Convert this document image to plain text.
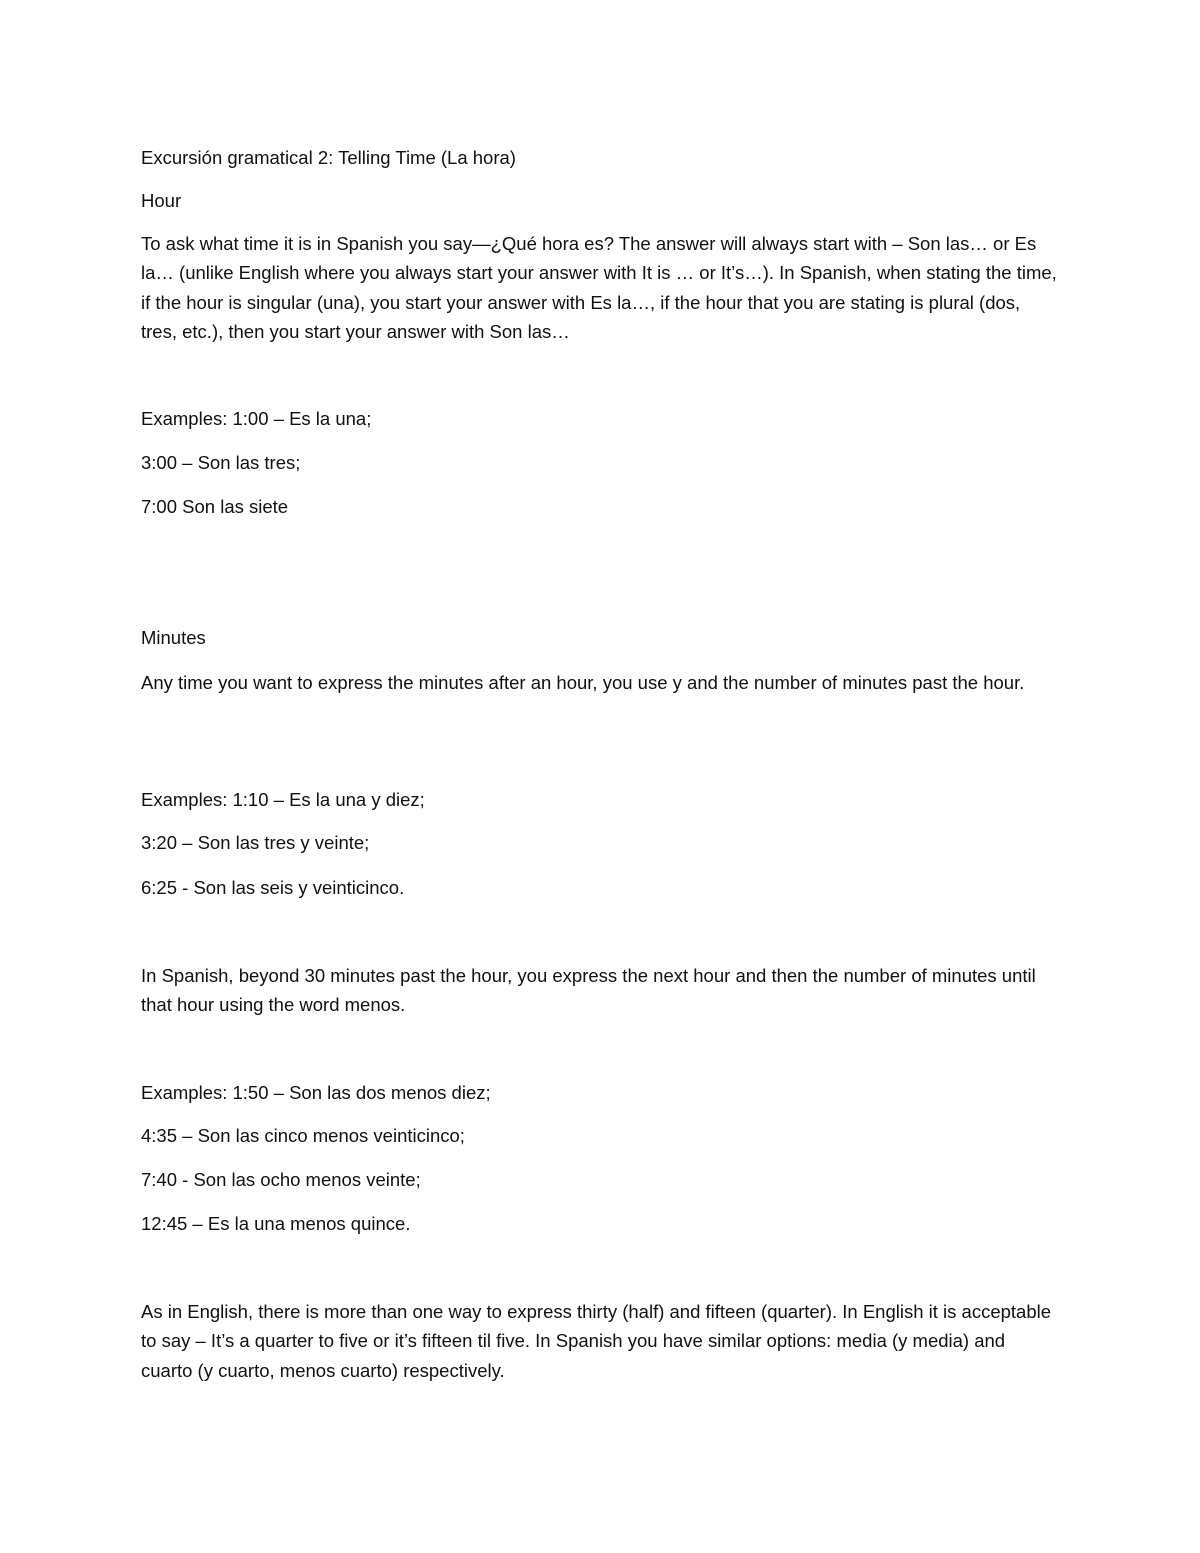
Excursión gramatical 2: Telling Time (La hora)
Hour
To ask what time it is in Spanish you say—¿Qué hora es? The answer will always start with – Son las… or Es la… (unlike English where you always start your answer with It is … or It’s…). In Spanish, when stating the time, if the hour is singular (una), you start your answer with Es la…, if the hour that you are stating is plural (dos, tres, etc.), then you start your answer with Son las…
Examples: 1:00 – Es la una;
3:00 – Son las tres;
7:00 Son las siete
Minutes
Any time you want to express the minutes after an hour, you use y and the number of minutes past the hour.
Examples: 1:10 – Es la una y diez;
3:20 – Son las tres y veinte;
6:25 - Son las seis y veinticinco.
In Spanish, beyond 30 minutes past the hour, you express the next hour and then the number of minutes until that hour using the word menos.
Examples: 1:50 – Son las dos menos diez;
4:35 – Son las cinco menos veinticinco;
7:40 - Son las ocho menos veinte;
12:45 – Es la una menos quince.
As in English, there is more than one way to express thirty (half) and fifteen (quarter). In English it is acceptable to say – It’s a quarter to five or it’s fifteen til five. In Spanish you have similar options: media (y media) and cuarto (y cuarto, menos cuarto) respectively.
